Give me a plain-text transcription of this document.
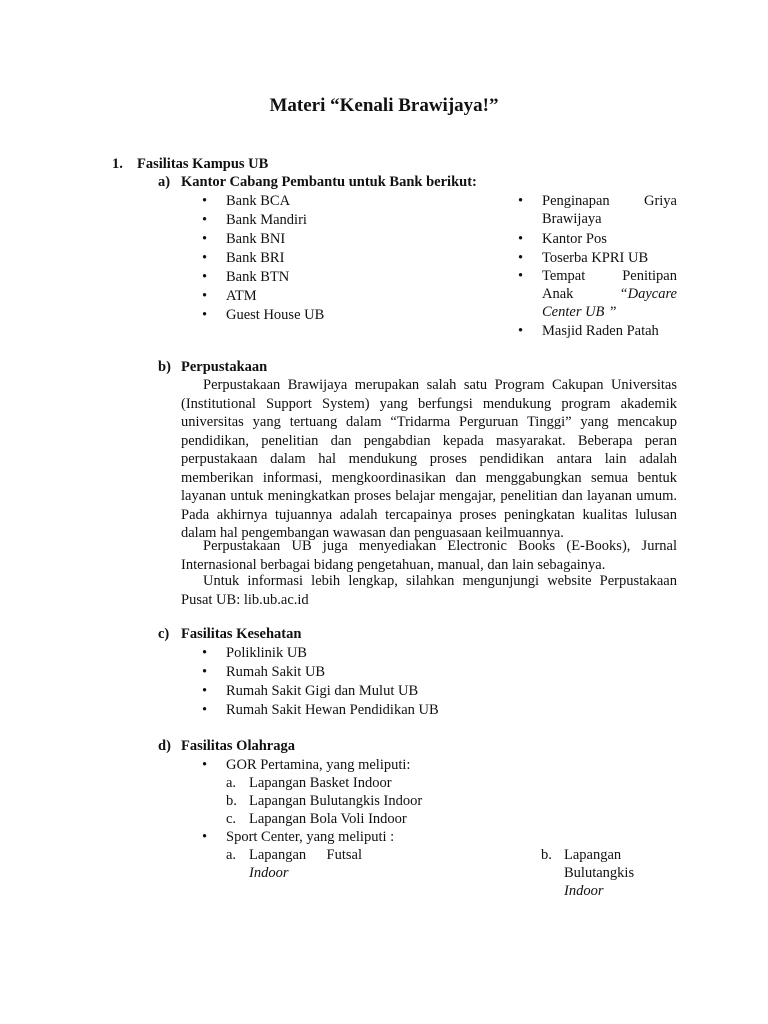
Materi “Kenali Brawijaya!”
1. Fasilitas Kampus UB
a) Kantor Cabang Pembantu untuk Bank berikut:
• Bank BCA
• Bank Mandiri
• Bank BNI
• Bank BRI
• Bank BTN
• ATM
• Guest House UB
• Penginapan Griya
Brawijaya
• Kantor Pos
• Toserba KPRI UB
• Tempat Penitipan
Anak	“Daycare
Center UB ”
• Masjid Raden Patah
b) Perpustakaan
Perpustakaan Brawijaya merupakan salah satu Program Cakupan Universitas (Institutional Support System) yang berfungsi mendukung program akademik universitas yang tertuang dalam “Tridarma Perguruan Tinggi” yang mencakup pendidikan, penelitian dan pengabdian kepada masyarakat. Beberapa peran perpustakaan dalam hal mendukung proses pendidikan antara lain adalah memberikan informasi, mengkoordinasikan dan menggabungkan semua bentuk layanan untuk meningkatkan proses belajar mengajar, penelitian dan layanan umum. Pada akhirnya tujuannya adalah tercapainya proses peningkatan kualitas lulusan dalam hal pengembangan wawasan dan penguasaan keilmuannya.
Perpustakaan UB juga menyediakan Electronic Books (E-Books), Jurnal Internasional berbagai bidang pengetahuan, manual, dan lain sebagainya.
Untuk informasi lebih lengkap, silahkan mengunjungi website Perpustakaan Pusat UB: lib.ub.ac.id
c) Fasilitas Kesehatan
• Poliklinik UB
• Rumah Sakit UB
• Rumah Sakit Gigi dan Mulut UB
• Rumah Sakit Hewan Pendidikan UB
d) Fasilitas Olahraga
• GOR Pertamina, yang meliputi:
a. Lapangan Basket Indoor
b. Lapangan Bulutangkis Indoor
c. Lapangan Bola Voli Indoor
• Sport Center, yang meliputi :
a. Lapangan Futsal
Indoor
b. Lapangan
Bulutangkis
Indoor
